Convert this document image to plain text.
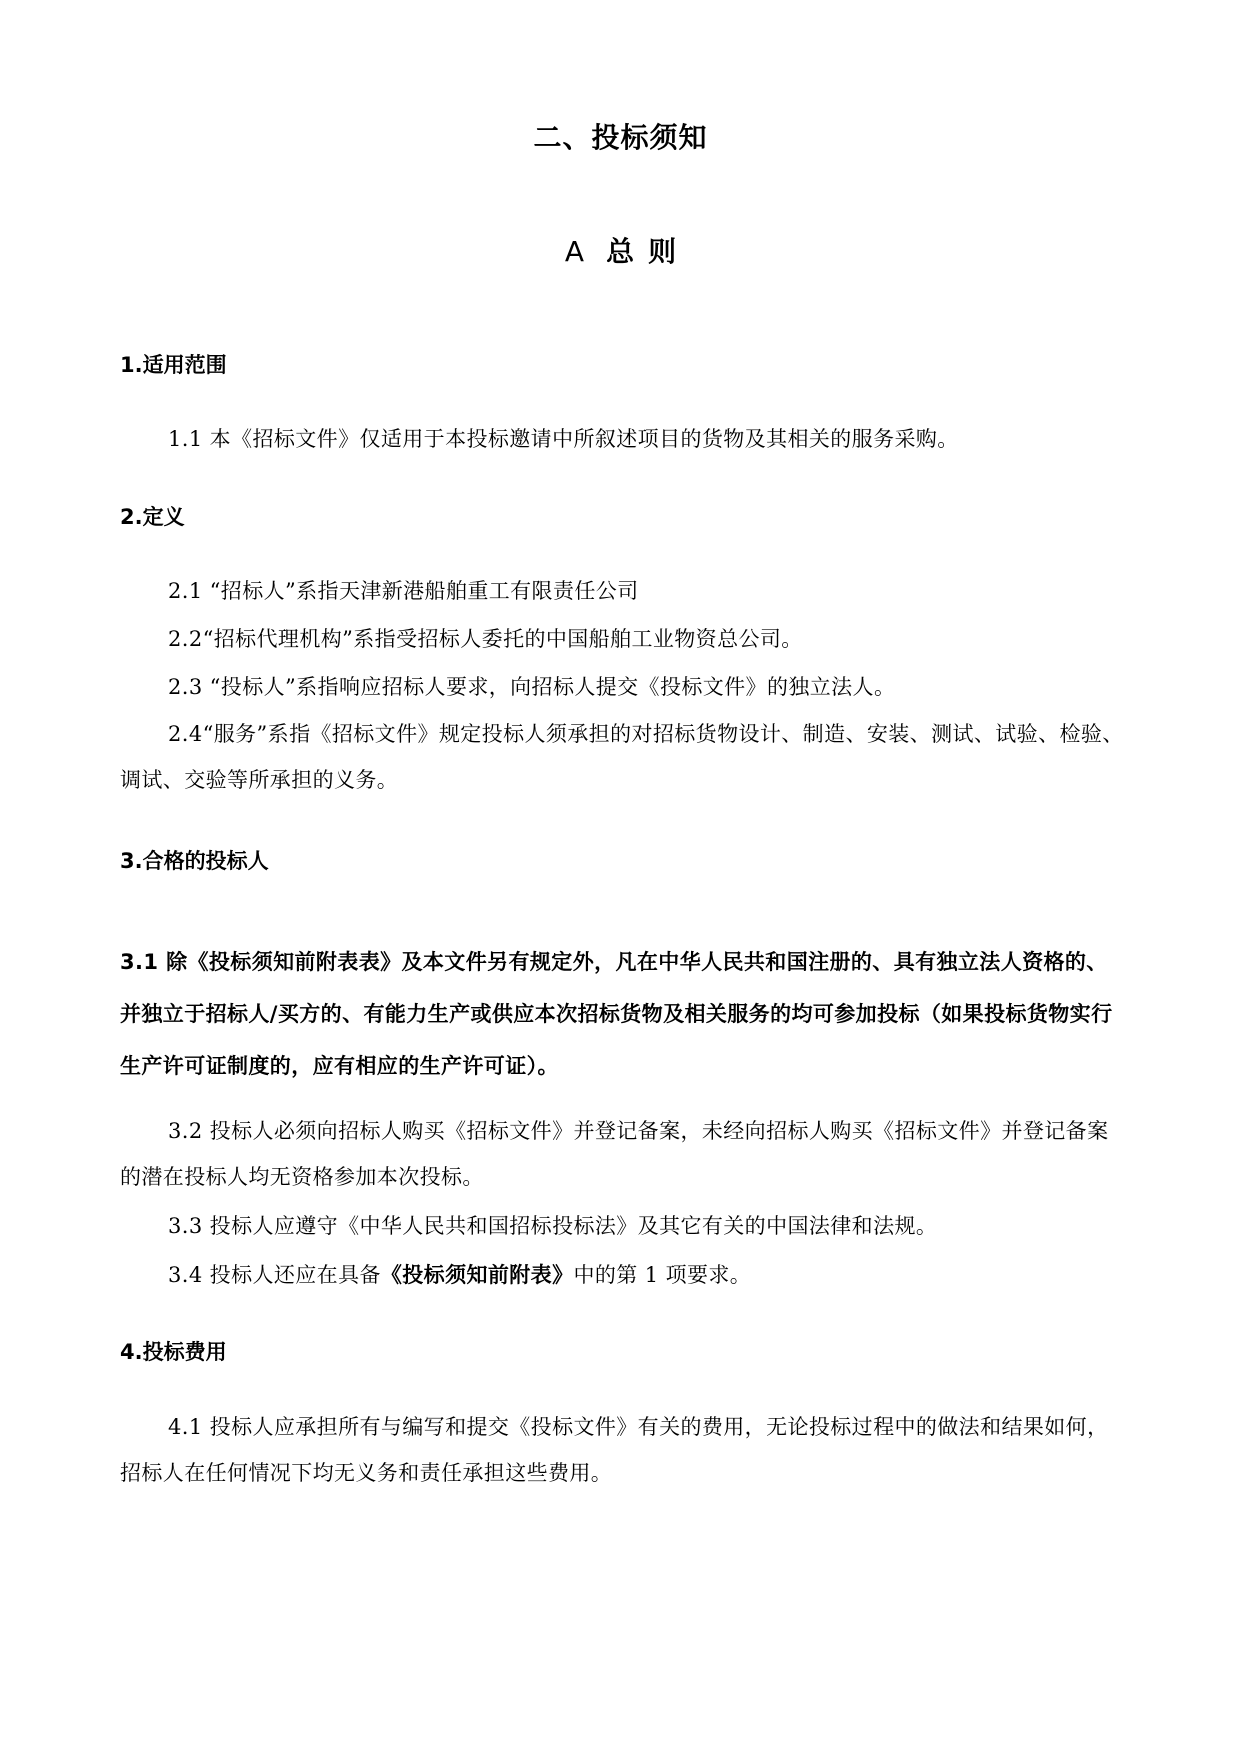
二、投标须知
A 总 则
1.适用范围
1.1 本《招标文件》仅适用于本投标邀请中所叙述项目的货物及其相关的服务采购。
2.定义
2.1 “招标人”系指天津新港船舶重工有限责任公司
2.2“招标代理机构”系指受招标人委托的中国船舶工业物资总公司。
2.3 “投标人”系指响应招标人要求，向招标人提交《投标文件》的独立法人。
2.4“服务”系指《招标文件》规定投标人须承担的对招标货物设计、制造、安装、测试、试验、检验、调试、交验等所承担的义务。
3.合格的投标人
3.1 除《投标须知前附表表》及本文件另有规定外，凡在中华人民共和国注册的、具有独立法人资格的、并独立于招标人/买方的、有能力生产或供应本次招标货物及相关服务的均可参加投标（如果投标货物实行生产许可证制度的，应有相应的生产许可证）。
3.2 投标人必须向招标人购买《招标文件》并登记备案，未经向招标人购买《招标文件》并登记备案的潜在投标人均无资格参加本次投标。
3.3 投标人应遵守《中华人民共和国招标投标法》及其它有关的中国法律和法规。
3.4 投标人还应在具备《投标须知前附表》中的第 1 项要求。
4.投标费用
4.1 投标人应承担所有与编写和提交《投标文件》有关的费用，无论投标过程中的做法和结果如何，招标人在任何情况下均无义务和责任承担这些费用。
